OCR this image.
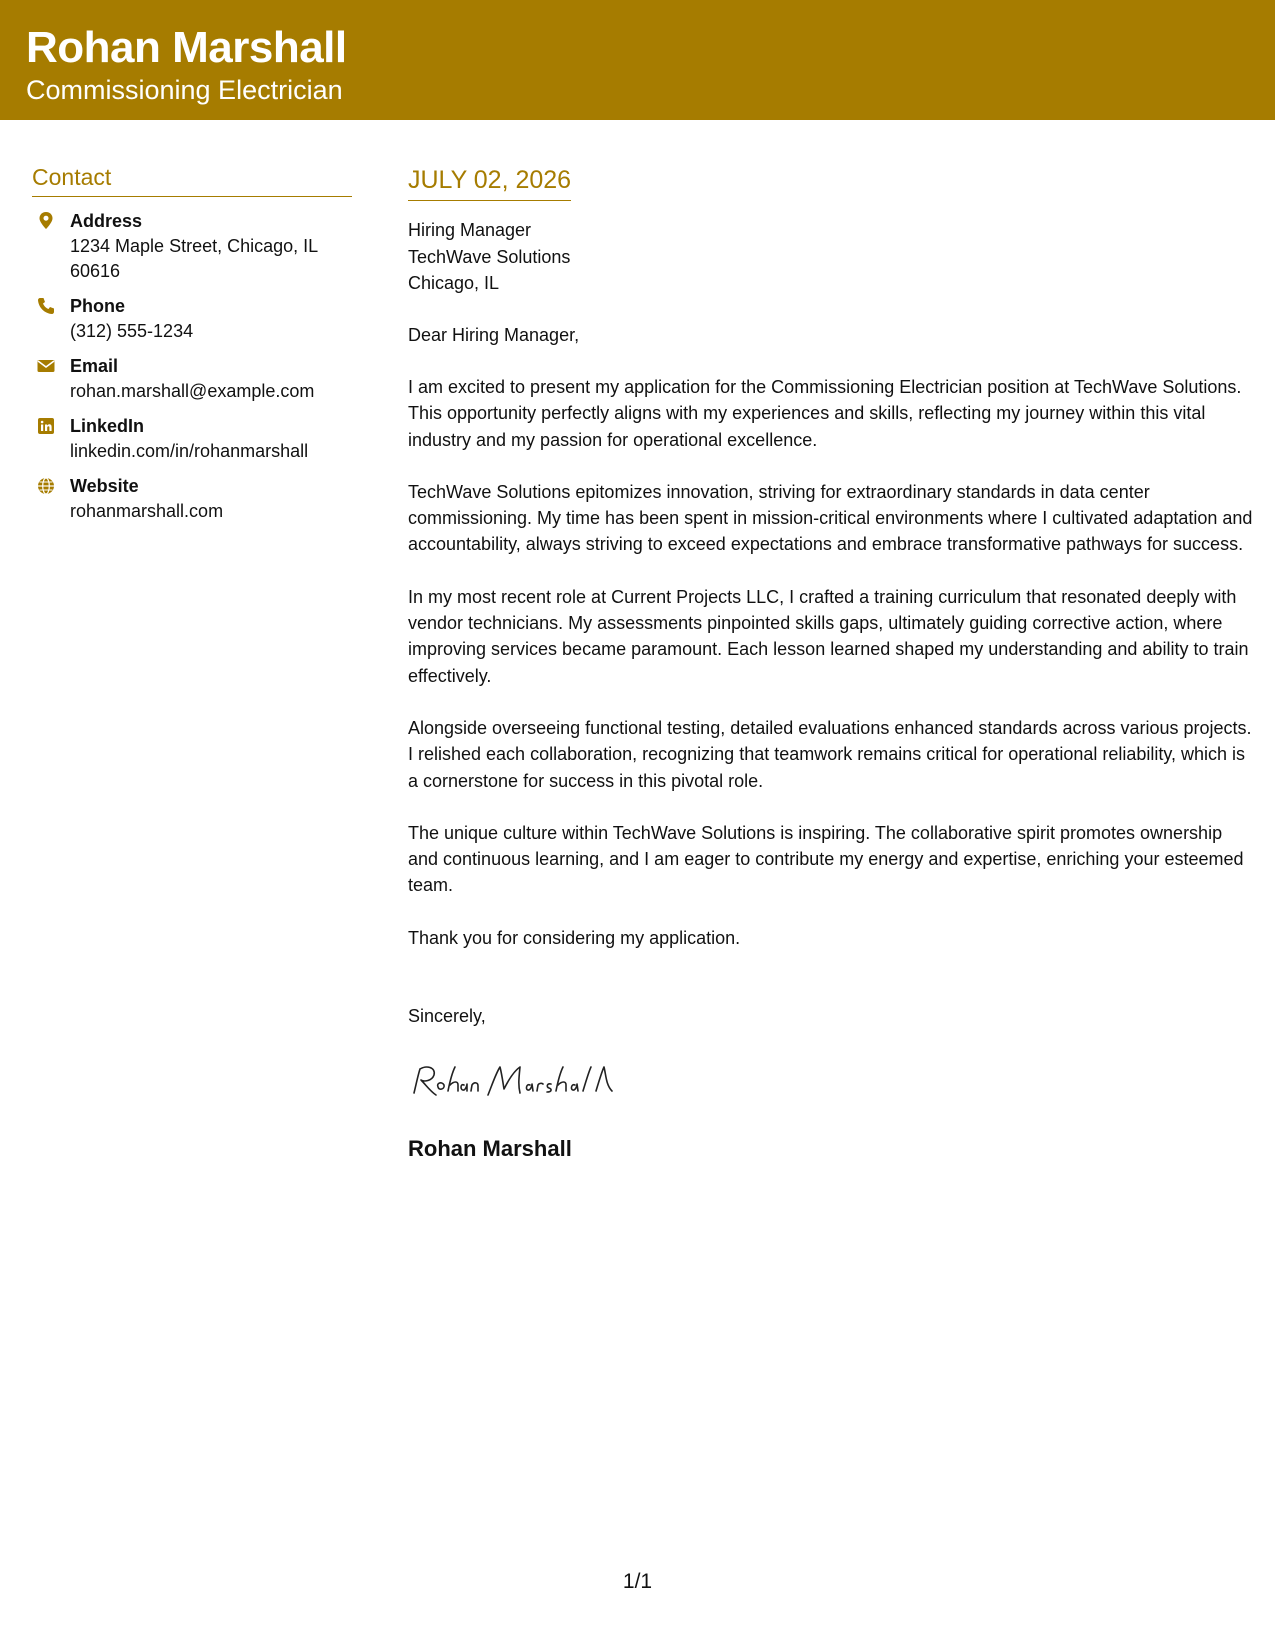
Rohan Marshall
Commissioning Electrician
Contact
Address
1234 Maple Street, Chicago, IL 60616
Phone
(312) 555-1234
Email
rohan.marshall@example.com
LinkedIn
linkedin.com/in/rohanmarshall
Website
rohanmarshall.com
JULY 02, 2026
Hiring Manager
TechWave Solutions
Chicago, IL
Dear Hiring Manager,
I am excited to present my application for the Commissioning Electrician position at TechWave Solutions. This opportunity perfectly aligns with my experiences and skills, reflecting my journey within this vital industry and my passion for operational excellence.
TechWave Solutions epitomizes innovation, striving for extraordinary standards in data center commissioning. My time has been spent in mission-critical environments where I cultivated adaptation and accountability, always striving to exceed expectations and embrace transformative pathways for success.
In my most recent role at Current Projects LLC, I crafted a training curriculum that resonated deeply with vendor technicians. My assessments pinpointed skills gaps, ultimately guiding corrective action, where improving services became paramount. Each lesson learned shaped my understanding and ability to train effectively.
Alongside overseeing functional testing, detailed evaluations enhanced standards across various projects. I relished each collaboration, recognizing that teamwork remains critical for operational reliability, which is a cornerstone for success in this pivotal role.
The unique culture within TechWave Solutions is inspiring. The collaborative spirit promotes ownership and continuous learning, and I am eager to contribute my energy and expertise, enriching your esteemed team.
Thank you for considering my application.
Sincerely,
Rohan Marshall
1/1
